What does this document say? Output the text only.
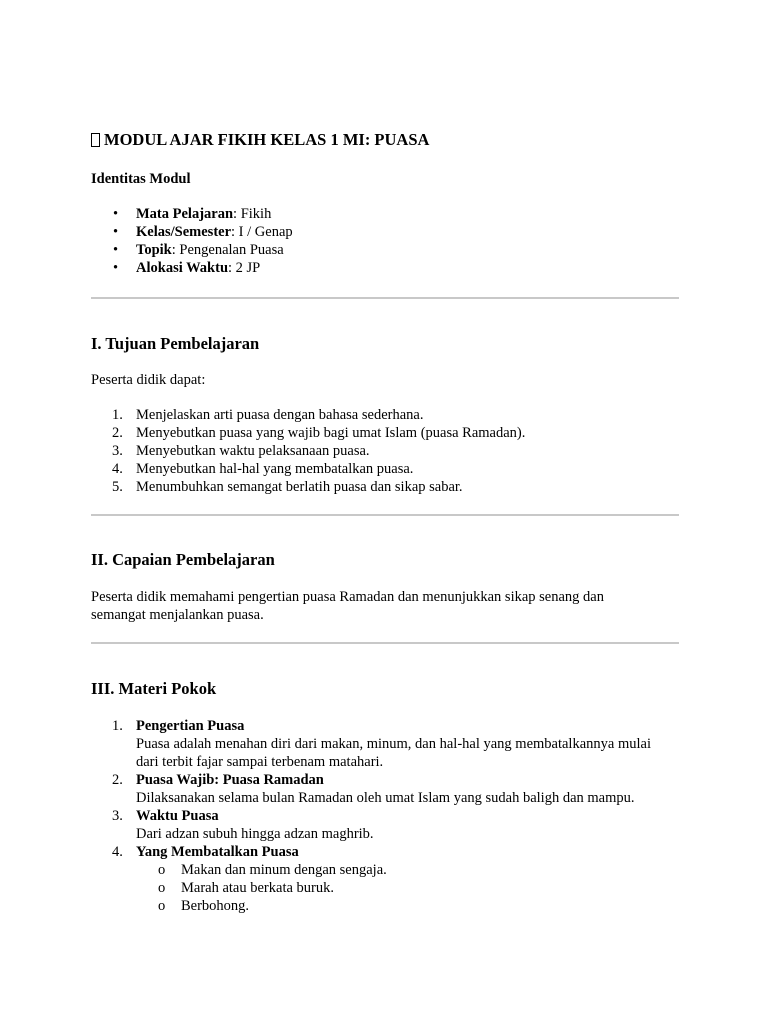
MODUL AJAR FIKIH KELAS 1 MI: PUASA

Identitas Modul

• Mata Pelajaran: Fikih
• Kelas/Semester: I / Genap
• Topik: Pengenalan Puasa
• Alokasi Waktu: 2 JP
I. Tujuan Pembelajaran

Peserta didik dapat:

1. Menjelaskan arti puasa dengan bahasa sederhana.
2. Menyebutkan puasa yang wajib bagi umat Islam (puasa Ramadan).
3. Menyebutkan waktu pelaksanaan puasa.
4. Menyebutkan hal-hal yang membatalkan puasa.
5. Menumbuhkan semangat berlatih puasa dan sikap sabar.
II. Capaian Pembelajaran

Peserta didik memahami pengertian puasa Ramadan dan menunjukkan sikap senang dan
semangat menjalankan puasa.

III. Materi Pokok
1. Pengertian Puasa
Puasa adalah menahan diri dari makan, minum, dan hal-hal yang membatalkannya mulai
dari terbit fajar sampai terbenam matahari.
2. Puasa Wajib: Puasa Ramadan
Dilaksanakan selama bulan Ramadan oleh umat Islam yang sudah baligh dan mampu.
3. Waktu Puasa
Dari adzan subuh hingga adzan maghrib.
4. Yang Membatalkan Puasa
o Makan dan minum dengan sengaja.
o Marah atau berkata buruk.
o Berbohong.
